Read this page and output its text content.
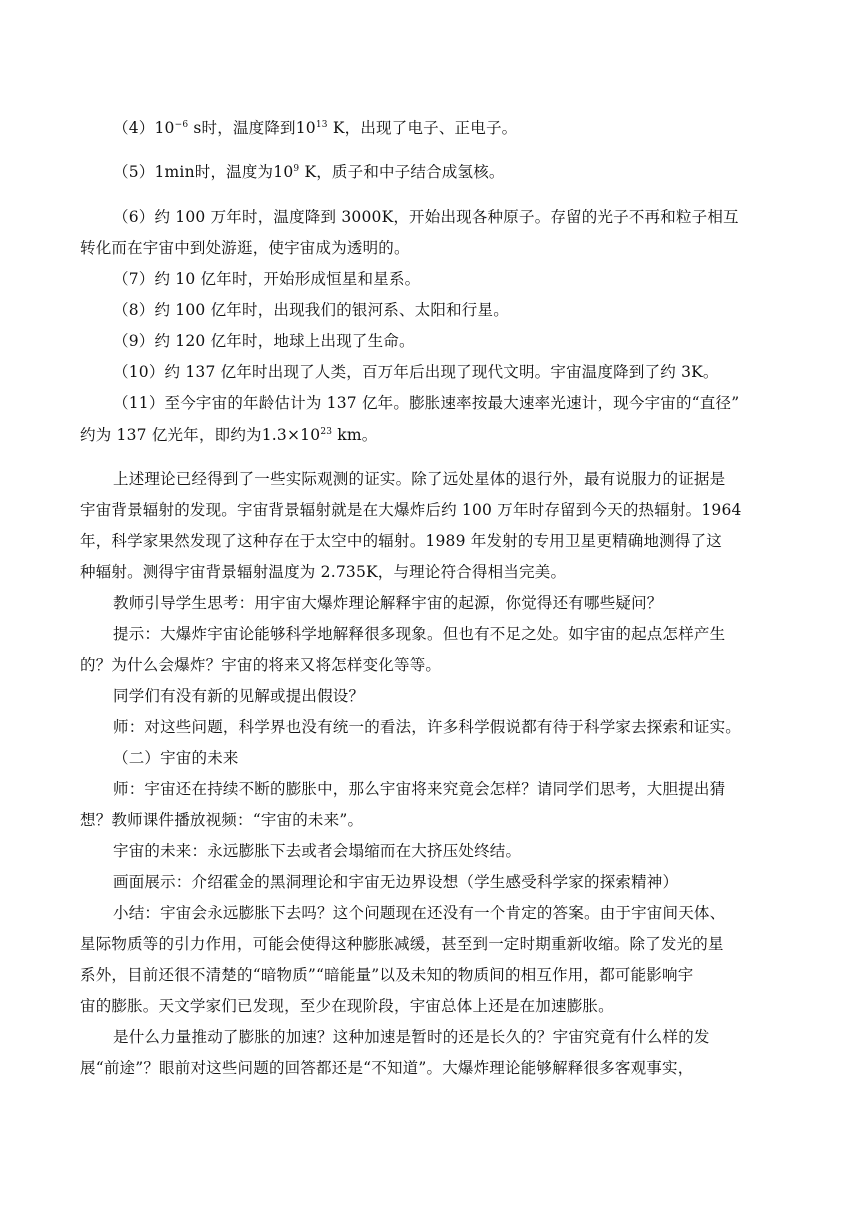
$(4)10^{-6}$ s时，温度降到$10^{13}$ K，出现了电子、正电子。
（5）1min时，温度为$10^9$ K，质子和中子结合成氢核。
（6）约 100 万年时，温度降到 3000K，开始出现各种原子。存留的光子不再和粒子相互
转化而在宇宙中到处游逛，使宇宙成为透明的。
（7）约 10 亿年时，开始形成恒星和星系。
（8）约 100 亿年时，出现我们的银河系、太阳和行星。
（9）约 120 亿年时，地球上出现了生命。
（10）约 137 亿年时出现了人类，百万年后出现了现代文明。宇宙温度降到了约 3K。
（11）至今宇宙的年龄估计为 137 亿年。膨胀速率按最大速率光速计，现今宇宙的“直径”
约为 137 亿光年，即约为$1.3\times 10^{23}$ km。
上述理论已经得到了一些实际观测的证实。除了远处星体的退行外，最有说服力的证据是
宇宙背景辐射的发现。宇宙背景辐射就是在大爆炸后约 100 万年时存留到今天的热辐射。1964
年，科学家果然发现了这种存在于太空中的辐射。1989 年发射的专用卫星更精确地测得了这
种辐射。测得宇宙背景辐射温度为 2.735K，与理论符合得相当完美。
教师引导学生思考：用宇宙大爆炸理论解释宇宙的起源，你觉得还有哪些疑问？
提示：大爆炸宇宙论能够科学地解释很多现象。但也有不足之处。如宇宙的起点怎样产生
的？为什么会爆炸？宇宙的将来又将怎样变化等等。
同学们有没有新的见解或提出假设？
师：对这些问题，科学界也没有统一的看法，许多科学假说都有待于科学家去探索和证实。
（二）宇宙的未来
师：宇宙还在持续不断的膨胀中，那么宇宙将来究竟会怎样？请同学们思考，大胆提出猜
想？教师课件播放视频：“宇宙的未来”。
宇宙的未来：永远膨胀下去或者会塌缩而在大挤压处终结。
画面展示：介绍霍金的黑洞理论和宇宙无边界设想（学生感受科学家的探索精神）
小结：宇宙会永远膨胀下去吗？这个问题现在还没有一个肯定的答案。由于宇宙间天体、
星际物质等的引力作用，可能会使得这种膨胀减缓，甚至到一定时期重新收缩。除了发光的星
系外，目前还很不清楚的“暗物质”“暗能量”以及未知的物质间的相互作用，都可能影响宇
宙的膨胀。天文学家们已发现，至少在现阶段，宇宙总体上还是在加速膨胀。
是什么力量推动了膨胀的加速？这种加速是暂时的还是长久的？宇宙究竟有什么样的发
展“前途”？眼前对这些问题的回答都还是“不知道”。大爆炸理论能够解释很多客观事实，
